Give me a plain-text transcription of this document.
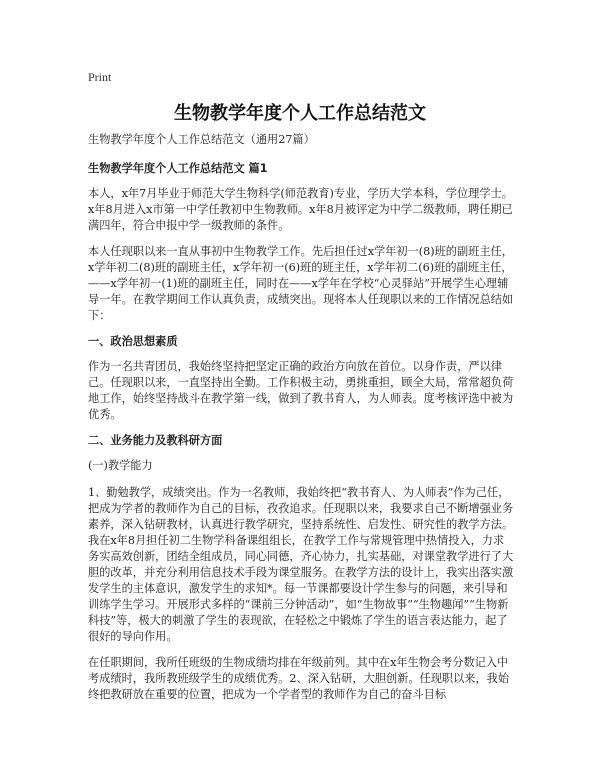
Print
生物教学年度个人工作总结范文

生物教学年度个人工作总结范文（通用27篇）

生物教学年度个人工作总结范文 篇1

本人，x年7月毕业于师范大学生物科学(师范教育)专业，学历大学本科，学位理学士。x年8月进入x市第一中学任教初中生物教师。x年8月被评定为中学二级教师，聘任期已满四年，符合申报中学一级教师的条件。

本人任现职以来一直从事初中生物教学工作。先后担任过x学年初一(8)班的副班主任，x学年初二(8)班的副班主任，x学年初一(6)班的班主任，x学年初二(6)班的副班主任，——x学年初一(1)班的副班主任，同时在——x学年在学校“心灵驿站”开展学生心理辅导一年。在教学期间工作认真负责，成绩突出。现将本人任现职以来的工作情况总结如下：

一、政治思想素质

作为一名共青团员，我始终坚持把坚定正确的政治方向放在首位。以身作责，严以律己。任现职以来，一直坚持出全勤。工作积极主动，勇挑重担，顾全大局，常常超负荷地工作，始终坚持战斗在教学第一线，做到了教书育人，为人师表。度考核评选中被为优秀。

二、业务能力及教科研方面

(一)教学能力

1、勤勉教学，成绩突出。作为一名教师，我始终把“教书育人、为人师表”作为己任，把成为学者的教师作为自己的目标，孜孜追求。任现职以来，我要求自己不断增强业务素养，深入钻研教材，认真进行教学研究，坚持系统性、启发性、研究性的教学方法。我在x年8月担任初二生物学科备课组组长，在教学工作与常规管理中热情投入，力求务实高效创新，团结全组成员，同心同德，齐心协力，扎实基础，对课堂教学进行了大胆的改革，并充分利用信息技术手段为课堂服务。在教学方法的设计上，我实出落实激发学生的主体意识，激发学生的求知*。每一节课都要设计学生参与的问题，来引导和训练学生学习。开展形式多样的“课前三分钟活动”，如“生物故事”“生物趣闻”“生物新科技”等，极大的刺激了学生的表现欲，在轻松之中锻炼了学生的语言表达能力，起了很好的导向作用。

在任职期间，我所任班级的生物成绩均排在年级前列。其中在x年生物会考分数记入中考成绩时，我所教班级学生的成绩优秀。2、深入钻研，大胆创新。任现职以来，我始终把教研放在重要的位置，把成为一个学者型的教师作为自己的奋斗目标
